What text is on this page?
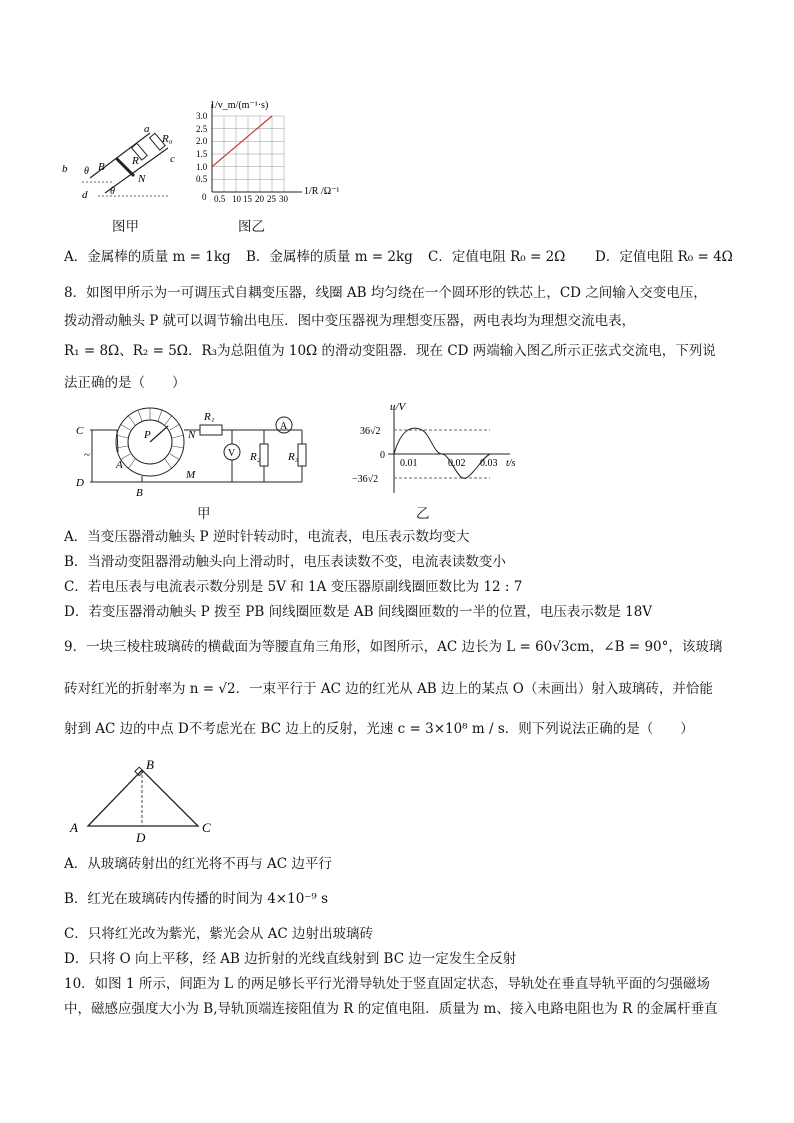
a
R₀
c
b θ B R
N
d θ
图甲
1/v_m/(m⁻¹·s)
3.0
2.5
2.0
1.5
1.0
0.5
0 0.5 10 15 20 25 30
1/R /Ω⁻¹
图乙
A．金属棒的质量 m = 1kg B．金属棒的质量 m = 2kg C．定值电阻 R₀ = 2Ω D．定值电阻 R₀ = 4Ω
8．如图甲所示为一可调压式自耦变压器，线圈 AB 均匀绕在一个圆环形的铁芯上，CD 之间输入交变电压，
拨动滑动触头 P 就可以调节输出电压．图中变压器视为理想变压器，两电表均为理想交流电表，
R₁ = 8Ω、R₂ = 5Ω．R₃为总阻值为 10Ω 的滑动变阻器．现在 CD 两端输入图乙所示正弦式交流电，下列说
法正确的是（　　）
C
D
~
P	N
A
B
M
R₁
R₂ R₃
V
A
甲
u/V
36√2
0
−36√2
0.01	0.02 0.03 t/s
乙
A．当变压器滑动触头 P 逆时针转动时，电流表，电压表示数均变大
B．当滑动变阻器滑动触头向上滑动时，电压表读数不变，电流表读数变小
C．若电压表与电流表示数分别是 5V 和 1A 变压器原副线圈匝数比为 12 : 7
D．若变压器滑动触头 P 拨至 PB 间线圈匝数是 AB 间线圈匝数的一半的位置，电压表示数是 18V
9．一块三棱柱玻璃砖的横截面为等腰直角三角形，如图所示，AC 边长为 L = 60√3cm，∠B = 90°，该玻璃
砖对红光的折射率为 n = √2．一束平行于 AC 边的红光从 AB 边上的某点 O（未画出）射入玻璃砖，并恰能
射到 AC 边的中点 D不考虑光在 BC 边上的反射，光速 c = 3×10⁸ m / s．则下列说法正确的是（　　）
A
B
C
D
A．从玻璃砖射出的红光将不再与 AC 边平行
B．红光在玻璃砖内传播的时间为 4×10⁻⁹ s
C．只将红光改为紫光，紫光会从 AC 边射出玻璃砖
D．只将 O 向上平移，经 AB 边折射的光线直线射到 BC 边一定发生全反射
10．如图 1 所示，间距为 L 的两足够长平行光滑导轨处于竖直固定状态，导轨处在垂直导轨平面的匀强磁场
中，磁感应强度大小为 B,导轨顶端连接阻值为 R 的定值电阻．质量为 m、接入电路电阻也为 R 的金属杆垂直
